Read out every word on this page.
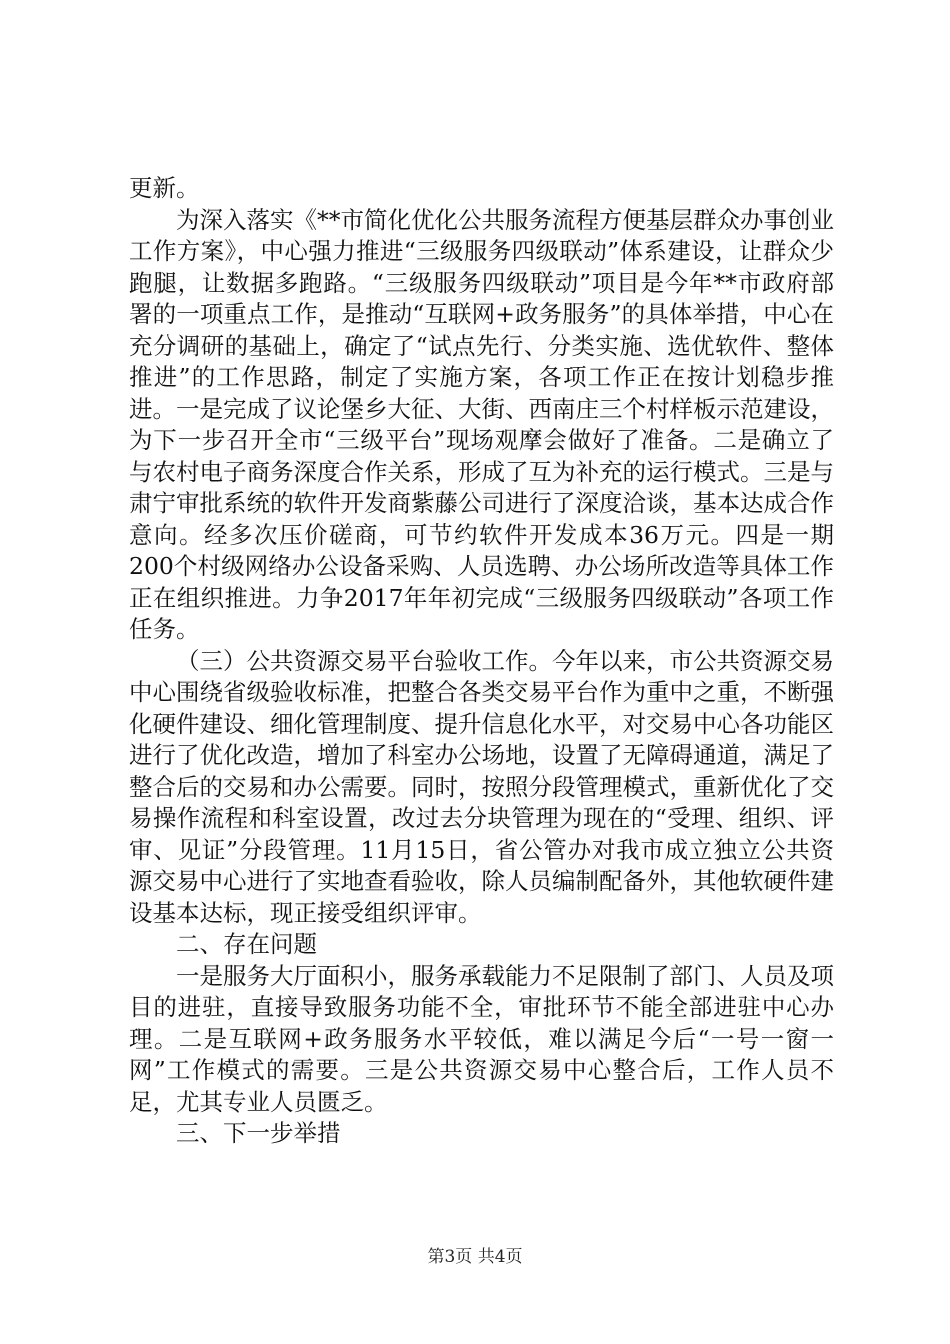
更新。

为深入落实《**市简化优化公共服务流程方便基层群众办事创业工作方案》，中心强力推进“三级服务四级联动”体系建设，让群众少跑腿，让数据多跑路。“三级服务四级联动”项目是今年**市政府部署的一项重点工作，是推动“互联网+政务服务”的具体举措，中心在充分调研的基础上，确定了“试点先行、分类实施、选优软件、整体推进”的工作思路，制定了实施方案，各项工作正在按计划稳步推进。一是完成了议论堡乡大征、大街、西南庄三个村样板示范建设，为下一步召开全市“三级平台”现场观摩会做好了准备。二是确立了与农村电子商务深度合作关系，形成了互为补充的运行模式。三是与肃宁审批系统的软件开发商紫藤公司进行了深度洽谈，基本达成合作意向。经多次压价磋商，可节约软件开发成本36万元。四是一期200个村级网络办公设备采购、人员选聘、办公场所改造等具体工作正在组织推进。力争2017年年初完成“三级服务四级联动”各项工作任务。

（三）公共资源交易平台验收工作。今年以来，市公共资源交易中心围绕省级验收标准，把整合各类交易平台作为重中之重，不断强化硬件建设、细化管理制度、提升信息化水平，对交易中心各功能区进行了优化改造，增加了科室办公场地，设置了无障碍通道，满足了整合后的交易和办公需要。同时，按照分段管理模式，重新优化了交易操作流程和科室设置，改过去分块管理为现在的“受理、组织、评审、见证”分段管理。11月15日，省公管办对我市成立独立公共资源交易中心进行了实地查看验收，除人员编制配备外，其他软硬件建设基本达标，现正接受组织评审。

二、存在问题

一是服务大厅面积小，服务承载能力不足限制了部门、人员及项目的进驻，直接导致服务功能不全，审批环节不能全部进驻中心办理。二是互联网+政务服务水平较低，难以满足今后“一号一窗一网”工作模式的需要。三是公共资源交易中心整合后，工作人员不足，尤其专业人员匮乏。

三、下一步举措

第3页 共4页
